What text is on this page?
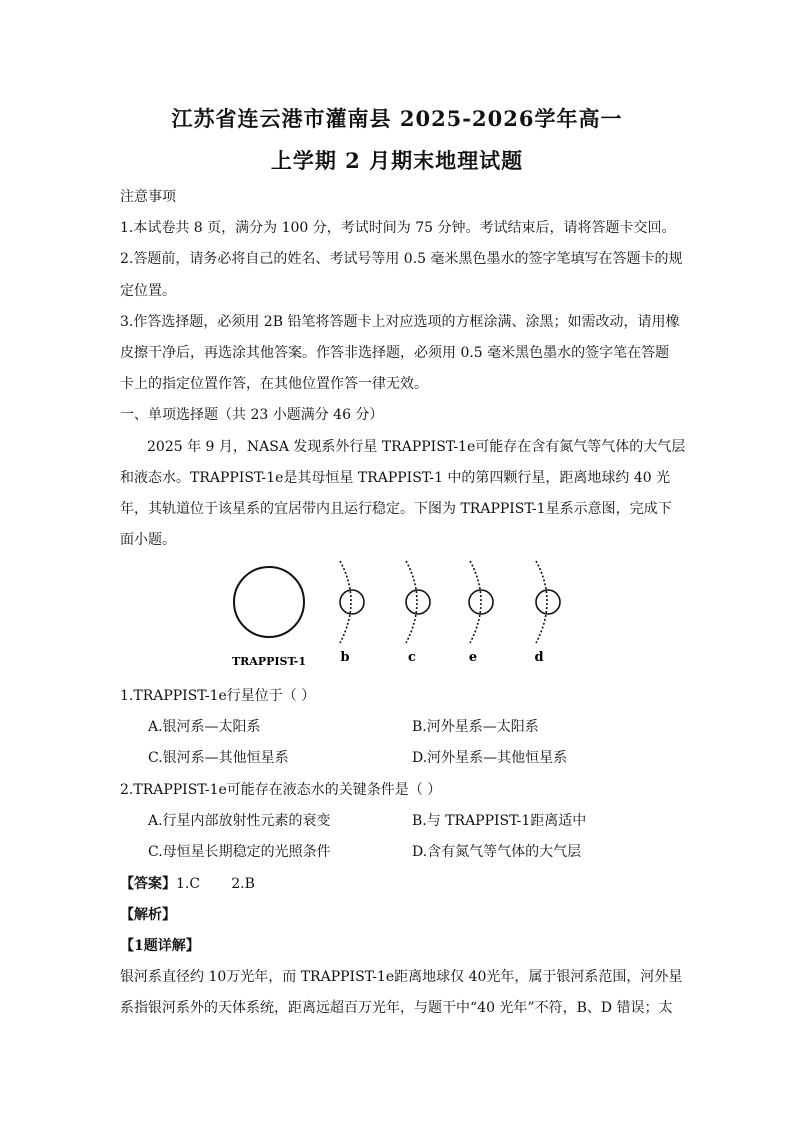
江苏省连云港市灌南县 2025-2026学年高一
上学期 2 月期末地理试题
注意事项
1.本试卷共 8 页，满分为 100 分，考试时间为 75 分钟。考试结束后，请将答题卡交回。
2.答题前，请务必将自己的姓名、考试号等用 0.5 毫米黑色墨水的签字笔填写在答题卡的规
定位置。
3.作答选择题，必须用 2B 铅笔将答题卡上对应选项的方框涂满、涂黑；如需改动，请用橡
皮擦干净后，再选涂其他答案。作答非选择题，必须用 0.5 毫米黑色墨水的签字笔在答题
卡上的指定位置作答，在其他位置作答一律无效。
一、单项选择题（共 23 小题满分 46 分）
2025 年 9 月，NASA 发现系外行星 TRAPPIST-1e可能存在含有氮气等气体的大气层
和液态水。TRAPPIST-1e是其母恒星 TRAPPIST-1 中的第四颗行星，距离地球约 40 光
年，其轨道位于该星系的宜居带内且运行稳定。下图为 TRAPPIST-1星系示意图，完成下
面小题。
TRAPPIST-1	b	c	e	d
1.TRAPPIST-1e行星位于（ ）
A.银河系—太阳系	B.河外星系—太阳系
C.银河系—其他恒星系	D.河外星系—其他恒星系
2.TRAPPIST-1e可能存在液态水的关键条件是（ ）
A.行星内部放射性元素的衰变	B.与 TRAPPIST-1距离适中
C.母恒星长期稳定的光照条件	D.含有氮气等气体的大气层
【答案】1.C       2.B
【解析】
【1题详解】
银河系直径约 10万光年，而 TRAPPIST-1e距离地球仅 40光年，属于银河系范围，河外星
系指银河系外的天体系统，距离远超百万光年，与题干中“40 光年”不符，B、D 错误；太
